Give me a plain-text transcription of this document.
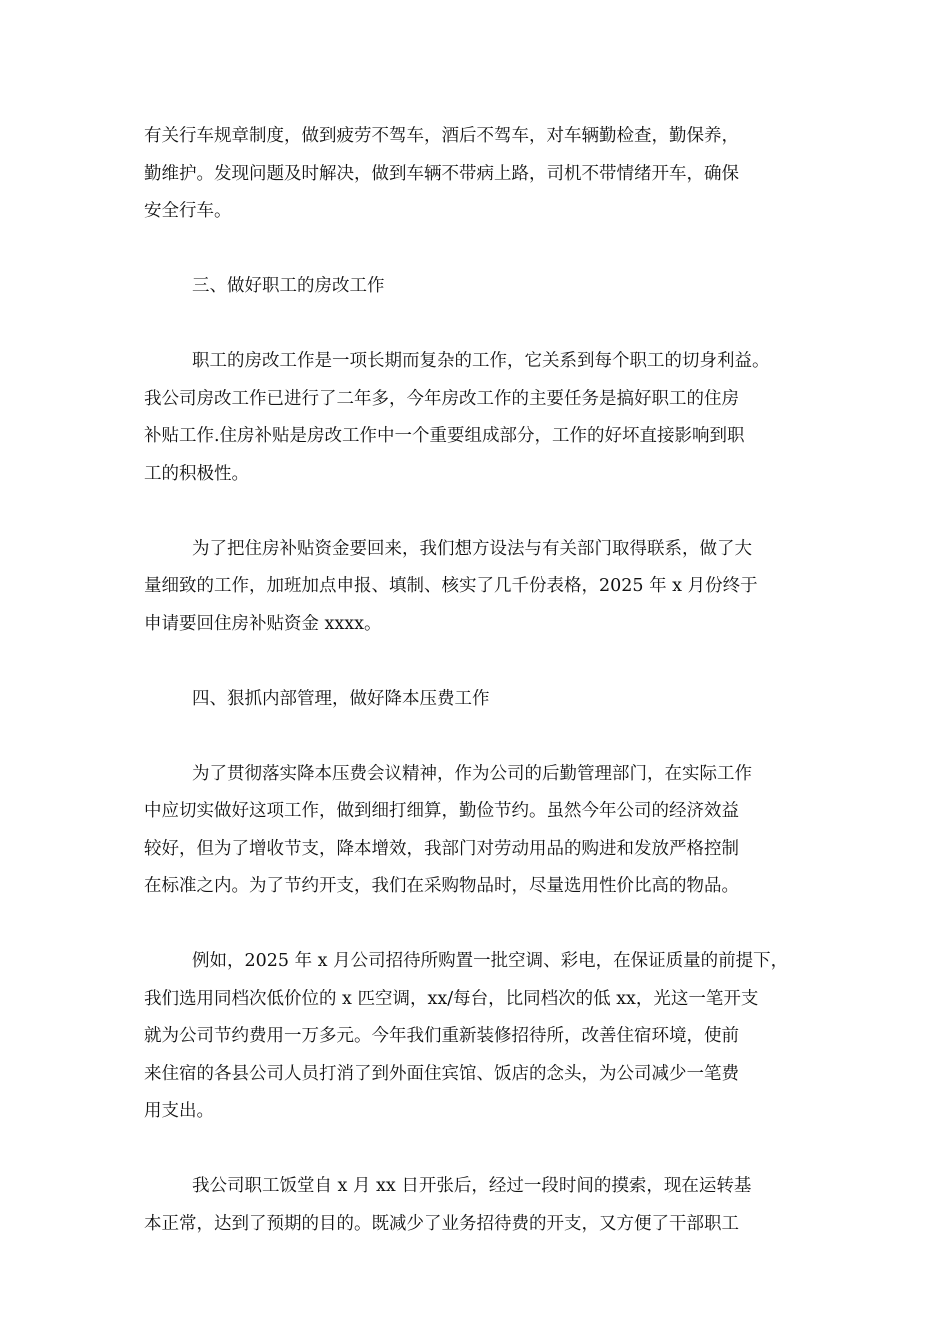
有关行车规章制度，做到疲劳不驾车，酒后不驾车，对车辆勤检查，勤保养，
勤维护。发现问题及时解决，做到车辆不带病上路，司机不带情绪开车，确保
安全行车。
三、做好职工的房改工作
职工的房改工作是一项长期而复杂的工作，它关系到每个职工的切身利益。
我公司房改工作已进行了二年多，今年房改工作的主要任务是搞好职工的住房
补贴工作.住房补贴是房改工作中一个重要组成部分，工作的好坏直接影响到职
工的积极性。
为了把住房补贴资金要回来，我们想方设法与有关部门取得联系，做了大
量细致的工作，加班加点申报、填制、核实了几千份表格，2025 年 x 月份终于
申请要回住房补贴资金 xxxx。
四、狠抓内部管理，做好降本压费工作
为了贯彻落实降本压费会议精神，作为公司的后勤管理部门，在实际工作
中应切实做好这项工作，做到细打细算，勤俭节约。虽然今年公司的经济效益
较好，但为了增收节支，降本增效，我部门对劳动用品的购进和发放严格控制
在标准之内。为了节约开支，我们在采购物品时，尽量选用性价比高的物品。
例如，2025 年 x 月公司招待所购置一批空调、彩电，在保证质量的前提下，
我们选用同档次低价位的 x 匹空调，xx/每台，比同档次的低 xx，光这一笔开支
就为公司节约费用一万多元。今年我们重新装修招待所，改善住宿环境，使前
来住宿的各县公司人员打消了到外面住宾馆、饭店的念头，为公司减少一笔费
用支出。
我公司职工饭堂自 x 月 xx 日开张后，经过一段时间的摸索，现在运转基
本正常，达到了预期的目的。既减少了业务招待费的开支，又方便了干部职工
